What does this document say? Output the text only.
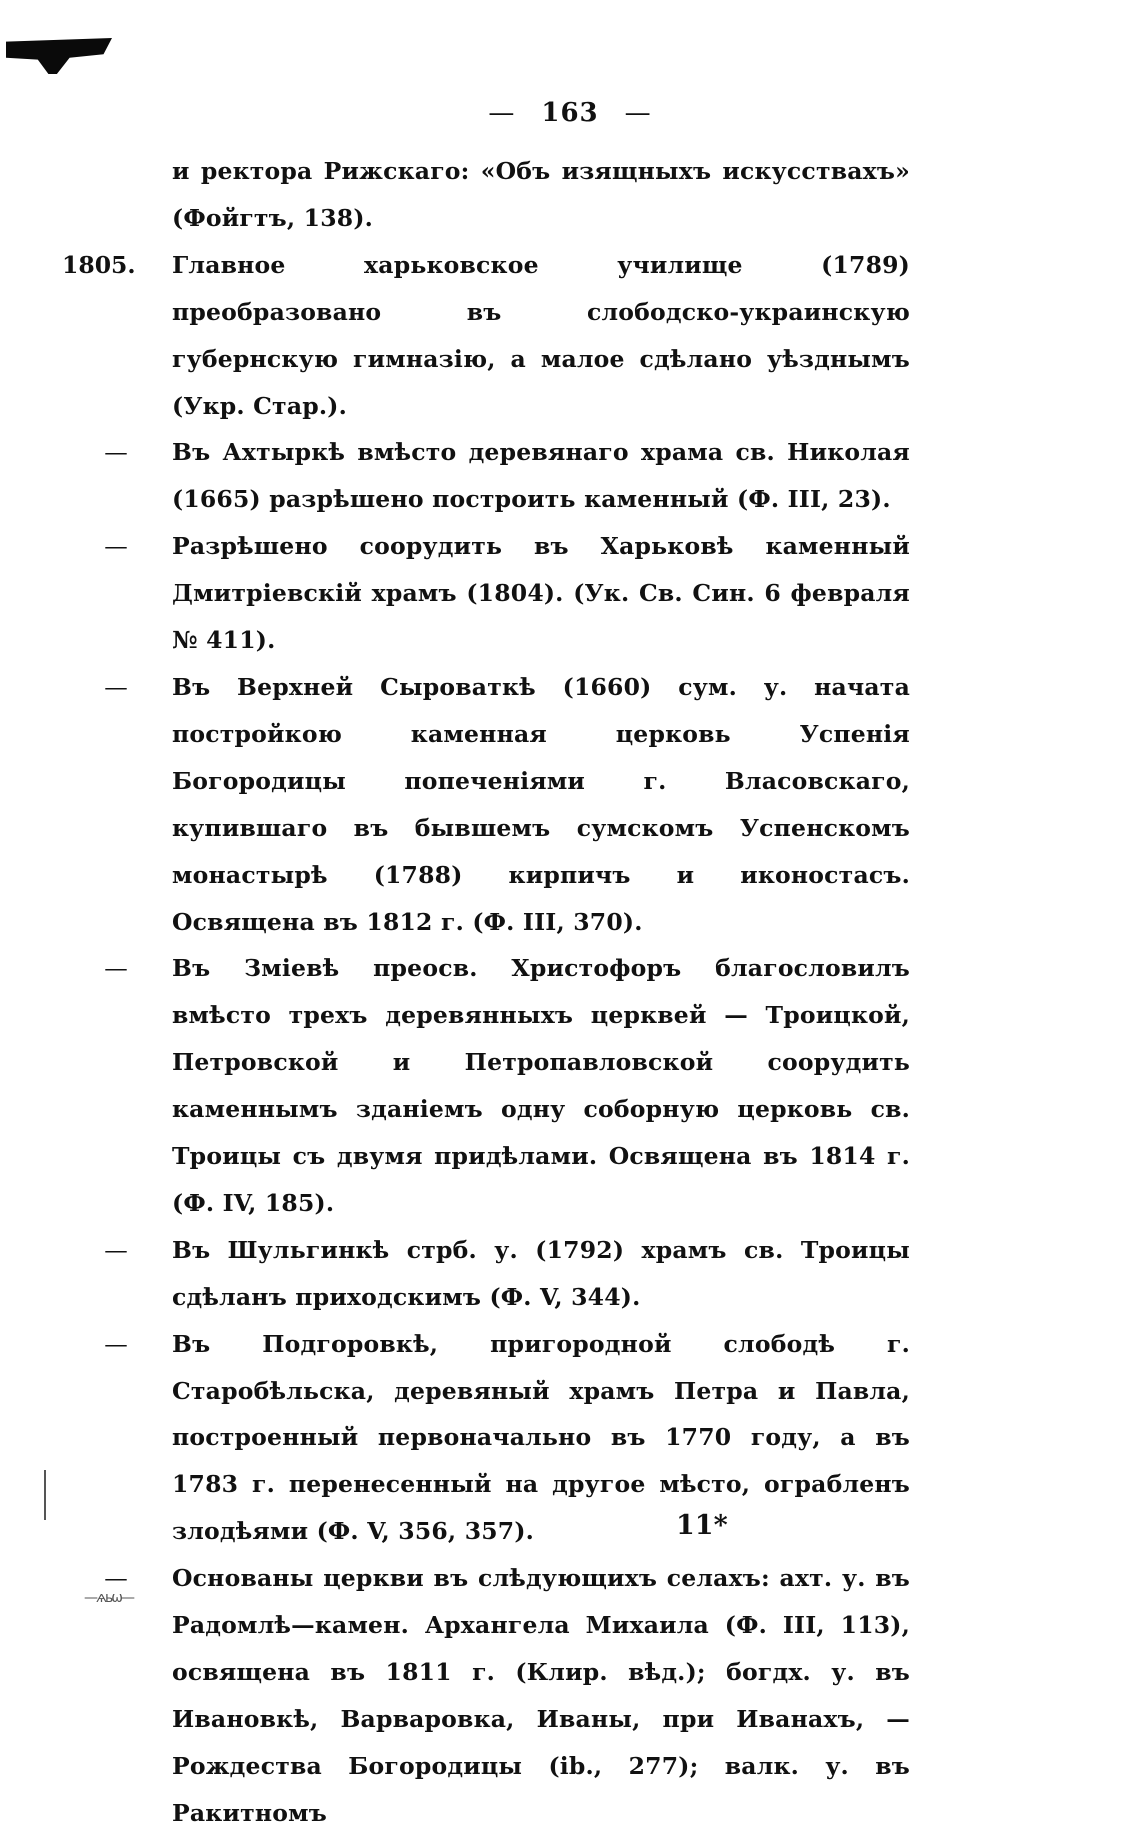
— 163 —
и ректора Рижскаго: «Объ изящныхъ искусствахъ» (Фойгтъ, 138).
1805.	Главное харьковское училище (1789) преобразовано въ слободско-украинскую губернскую гимназію, а малое сдѣлано уѣзднымъ (Укр. Стар.).
—	Въ Ахтыркѣ вмѣсто деревянаго храма св. Николая (1665) разрѣшено построить каменный (Ф. III, 23).
—	Разрѣшено соорудить въ Харьковѣ каменный Дмитріевскій храмъ (1804). (Ук. Св. Син. 6 февраля № 411).
—	Въ Верхней Сыроваткѣ (1660) сум. у. начата постройкою каменная церковь Успенія Богородицы попеченіями г. Власовскаго, купившаго въ бывшемъ сумскомъ Успенскомъ монастырѣ (1788) кирпичъ и иконостасъ. Освящена въ 1812 г. (Ф. III, 370).
—	Въ Зміевѣ преосв. Христофоръ благословилъ вмѣсто трехъ деревянныхъ церквей — Троицкой, Петровской и Петропавловской соорудить каменнымъ зданіемъ одну соборную церковь св. Троицы съ двумя придѣлами. Освящена въ 1814 г. (Ф. IV, 185).
—	Въ Шульгинкѣ стрб. у. (1792) храмъ св. Троицы сдѣланъ приходскимъ (Ф. V, 344).
—	Въ Подгоровкѣ, пригородной слободѣ г. Старобѣльска, деревяный храмъ Петра и Павла, построенный первоначально въ 1770 году, а въ 1783 г. перенесенный на другое мѣсто, ограбленъ злодѣями (Ф. V, 356, 357).
—	Основаны церкви въ слѣдующихъ селахъ: ахт. у. въ Радомлѣ—камен. Архангела Михаила (Ф. III, 113), освящена въ 1811 г. (Клир. вѣд.); богдх. у. въ Ивановкѣ, Варваровка, Иваны, при Иванахъ, — Рождества Богородицы (ib., 277); валк. у. въ Ракитномъ
11*
—ѧьѡ—
